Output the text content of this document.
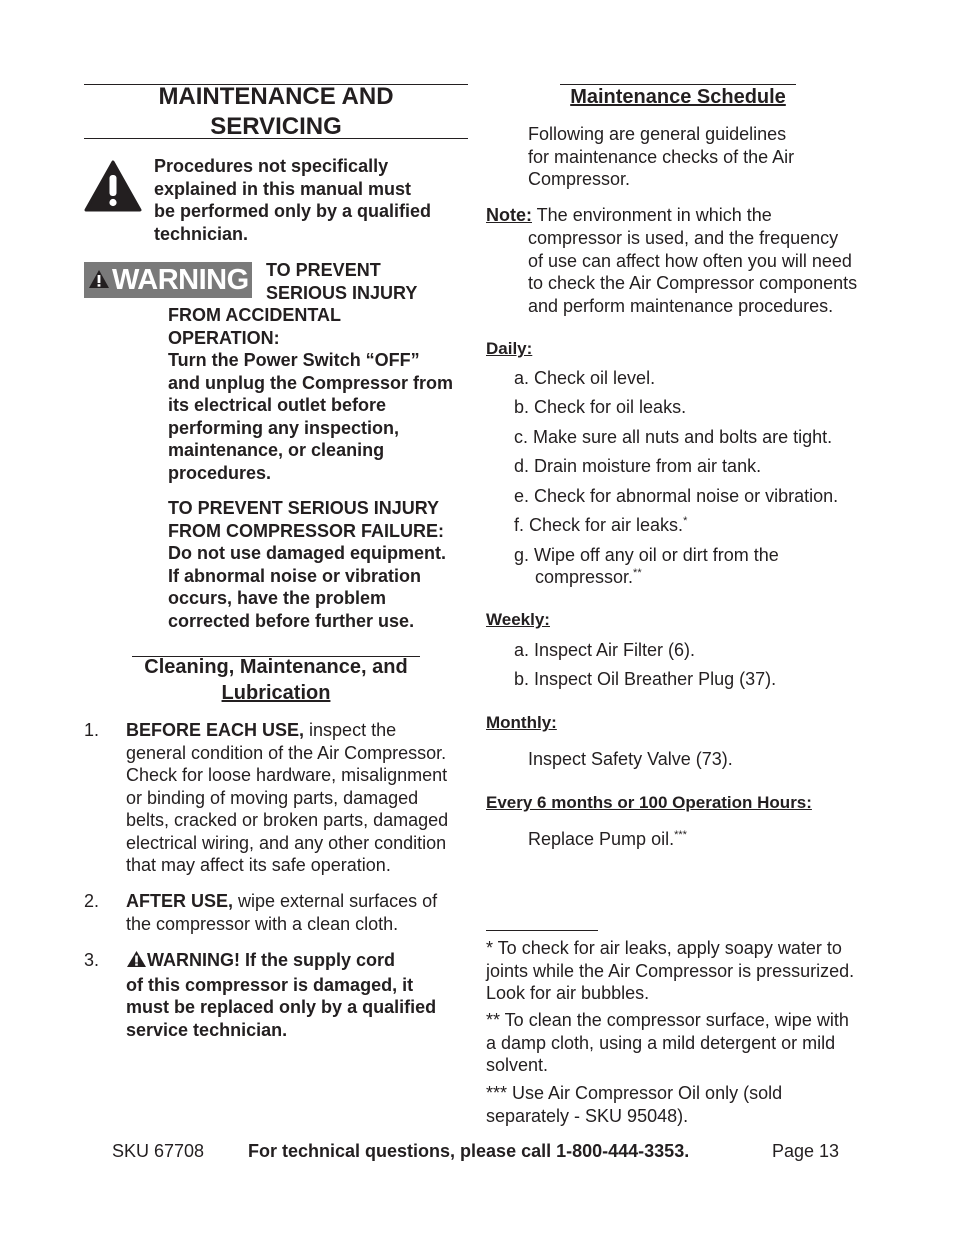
MAINTENANCE AND
SERVICING
Procedures not specifically
explained in this manual must
be performed only by a qualified
technician.
WARNING TO PREVENT
SERIOUS INJURY
FROM ACCIDENTAL
OPERATION:
Turn the Power Switch “OFF”
and unplug the Compressor from
its electrical outlet before
performing any inspection,
maintenance, or cleaning
procedures.
TO PREVENT SERIOUS INJURY
FROM COMPRESSOR FAILURE:
Do not use damaged equipment.
If abnormal noise or vibration
occurs, have the problem
corrected before further use.
Cleaning, Maintenance, and
Lubrication
1. BEFORE EACH USE, inspect the
general condition of the Air Compressor.
Check for loose hardware, misalignment
or binding of moving parts, damaged
belts, cracked or broken parts, damaged
electrical wiring, and any other condition
that may affect its safe operation.
2. AFTER USE, wipe external surfaces of
the compressor with a clean cloth.
3.	WARNING! If the supply cord
of this compressor is damaged, it
must be replaced only by a qualified
service technician.
Maintenance Schedule
Following are general guidelines
for maintenance checks of the Air
Compressor.
Note: The environment in which the
compressor is used, and the frequency
of use can affect how often you will need
to check the Air Compressor components
and perform maintenance procedures.
Daily:
a. Check oil level.
b. Check for oil leaks.
c. Make sure all nuts and bolts are tight.
d. Drain moisture from air tank.
e. Check for abnormal noise or vibration.
f. Check for air leaks.*
g. Wipe off any oil or dirt from the
compressor.**
Weekly:
a. Inspect Air Filter (6).
b. Inspect Oil Breather Plug (37).
Monthly:
Inspect Safety Valve (73).
Every 6 months or 100 Operation Hours:
Replace Pump oil.***
* To check for air leaks, apply soapy water to
joints while the Air Compressor is pressurized.
Look for air bubbles.
** To clean the compressor surface, wipe with
a damp cloth, using a mild detergent or mild
solvent.
*** Use Air Compressor Oil only (sold
separately - SKU 95048).
SKU 67708 For technical questions, please call 1-800-444-3353.	Page 13
